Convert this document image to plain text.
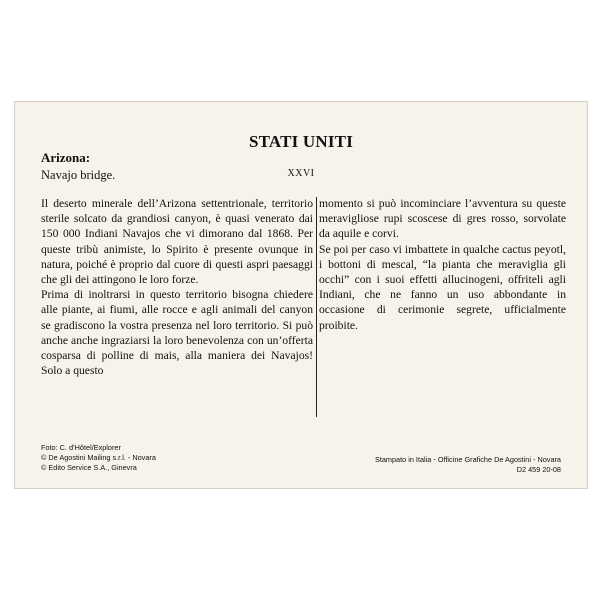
STATI UNITI
XXVI
Arizona:
Navajo bridge.

Il deserto minerale dell’Arizona settentrionale, territorio sterile solcato da grandiosi canyon, è quasi venerato dai 150 000 Indiani Navajos che vi dimorano dal 1868. Per queste tribù animiste, lo Spirito è presente ovunque in natura, poiché è proprio dal cuore di questi aspri paesaggi che gli dei attingono le loro forze.

Prima di inoltrarsi in questo territorio bisogna chiedere alle piante, ai fiumi, alle rocce e agli animali del canyon se gradiscono la vostra presenza nel loro territorio. Si può anche anche ingraziarsi la loro benevolenza con un’offerta cosparsa di polline di mais, alla maniera dei Navajos! Solo a questo

momento si può incominciare l’avventura su queste meravigliose rupi scoscese di gres rosso, sorvolate da aquile e corvi.

Se poi per caso vi imbattete in qualche cactus peyotl, i bottoni di mescal, “la pianta che meraviglia gli occhi” con i suoi effetti allucinogeni, offriteli agli Indiani, che ne fanno un uso abbondante in occasione di cerimonie segrete, ufficialmente proibite.

Foto: C. d’Hôtel/Explorer
© De Agostini Mailing s.r.l. - Novara
© Edito Service S.A., Ginevra
Stampato in Italia - Officine Grafiche De Agostini - Novara
D2 459 20-08
